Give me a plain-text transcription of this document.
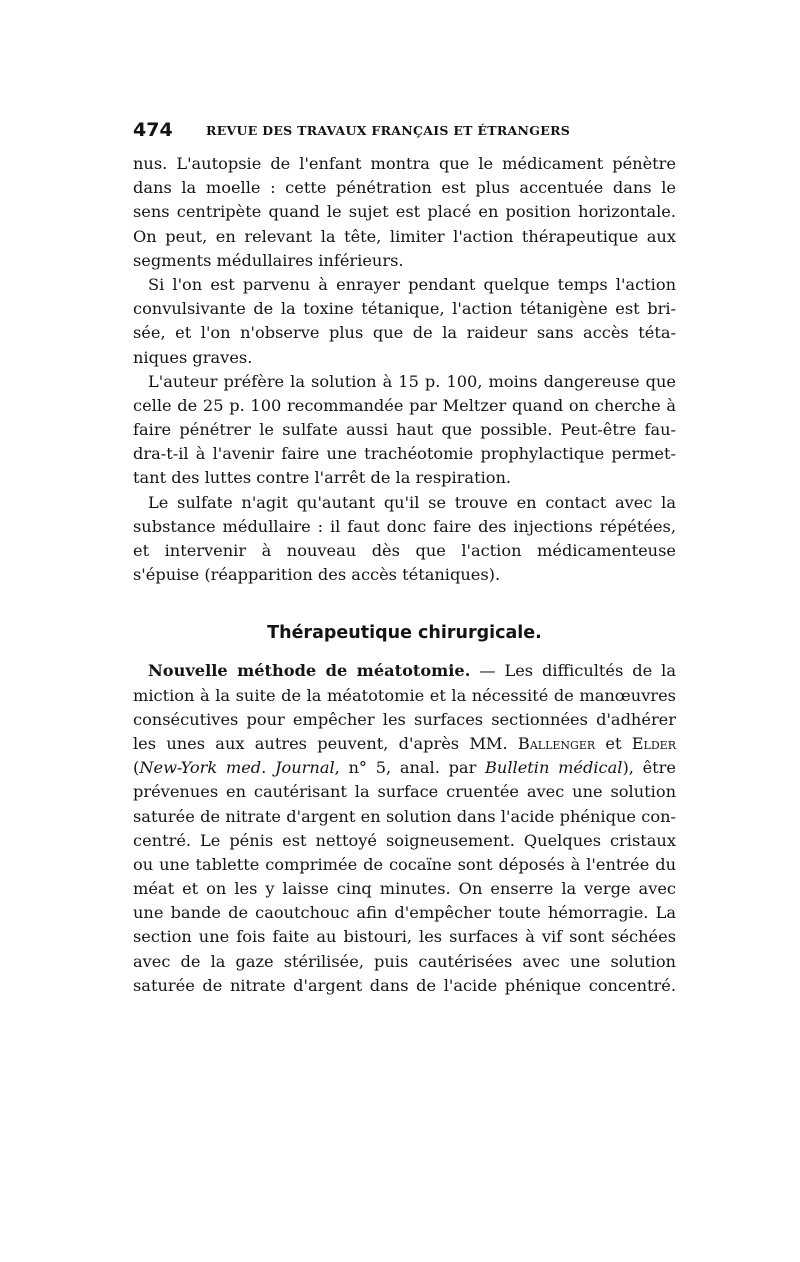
474	REVUE DES TRAVAUX FRANÇAIS ET ÉTRANGERS
nus. L'autopsie de l'enfant montra que le médicament pénètre
dans la moelle : cette pénétration est plus accentuée dans le
sens centripète quand le sujet est placé en position horizontale.
On peut, en relevant la tête, limiter l'action thérapeutique aux
segments médullaires inférieurs.
Si l'on est parvenu à enrayer pendant quelque temps l'action
convulsivante de la toxine tétanique, l'action tétanigène est bri-
sée, et l'on n'observe plus que de la raideur sans accès téta-
niques graves.
L'auteur préfère la solution à 15 p. 100, moins dangereuse que
celle de 25 p. 100 recommandée par Meltzer quand on cherche à
faire pénétrer le sulfate aussi haut que possible. Peut-être fau-
dra-t-il à l'avenir faire une trachéotomie prophylactique permet-
tant des luttes contre l'arrêt de la respiration.
Le sulfate n'agit qu'autant qu'il se trouve en contact avec la
substance médullaire : il faut donc faire des injections répétées,
et intervenir à nouveau dès que l'action médicamenteuse
s'épuise (réapparition des accès tétaniques).
Thérapeutique chirurgicale.
Nouvelle méthode de méatotomie. — Les difficultés de la
miction à la suite de la méatotomie et la nécessité de manœuvres
consécutives pour empêcher les surfaces sectionnées d'adhérer
les unes aux autres peuvent, d'après MM. Ballenger et Elder
(New-York med. Journal, n° 5, anal. par Bulletin médical), être
prévenues en cautérisant la surface cruentée avec une solution
saturée de nitrate d'argent en solution dans l'acide phénique con-
centré. Le pénis est nettoyé soigneusement. Quelques cristaux
ou une tablette comprimée de cocaïne sont déposés à l'entrée du
méat et on les y laisse cinq minutes. On enserre la verge avec
une bande de caoutchouc afin d'empêcher toute hémorragie. La
section une fois faite au bistouri, les surfaces à vif sont séchées
avec de la gaze stérilisée, puis cautérisées avec une solution
saturée de nitrate d'argent dans de l'acide phénique concentré.
